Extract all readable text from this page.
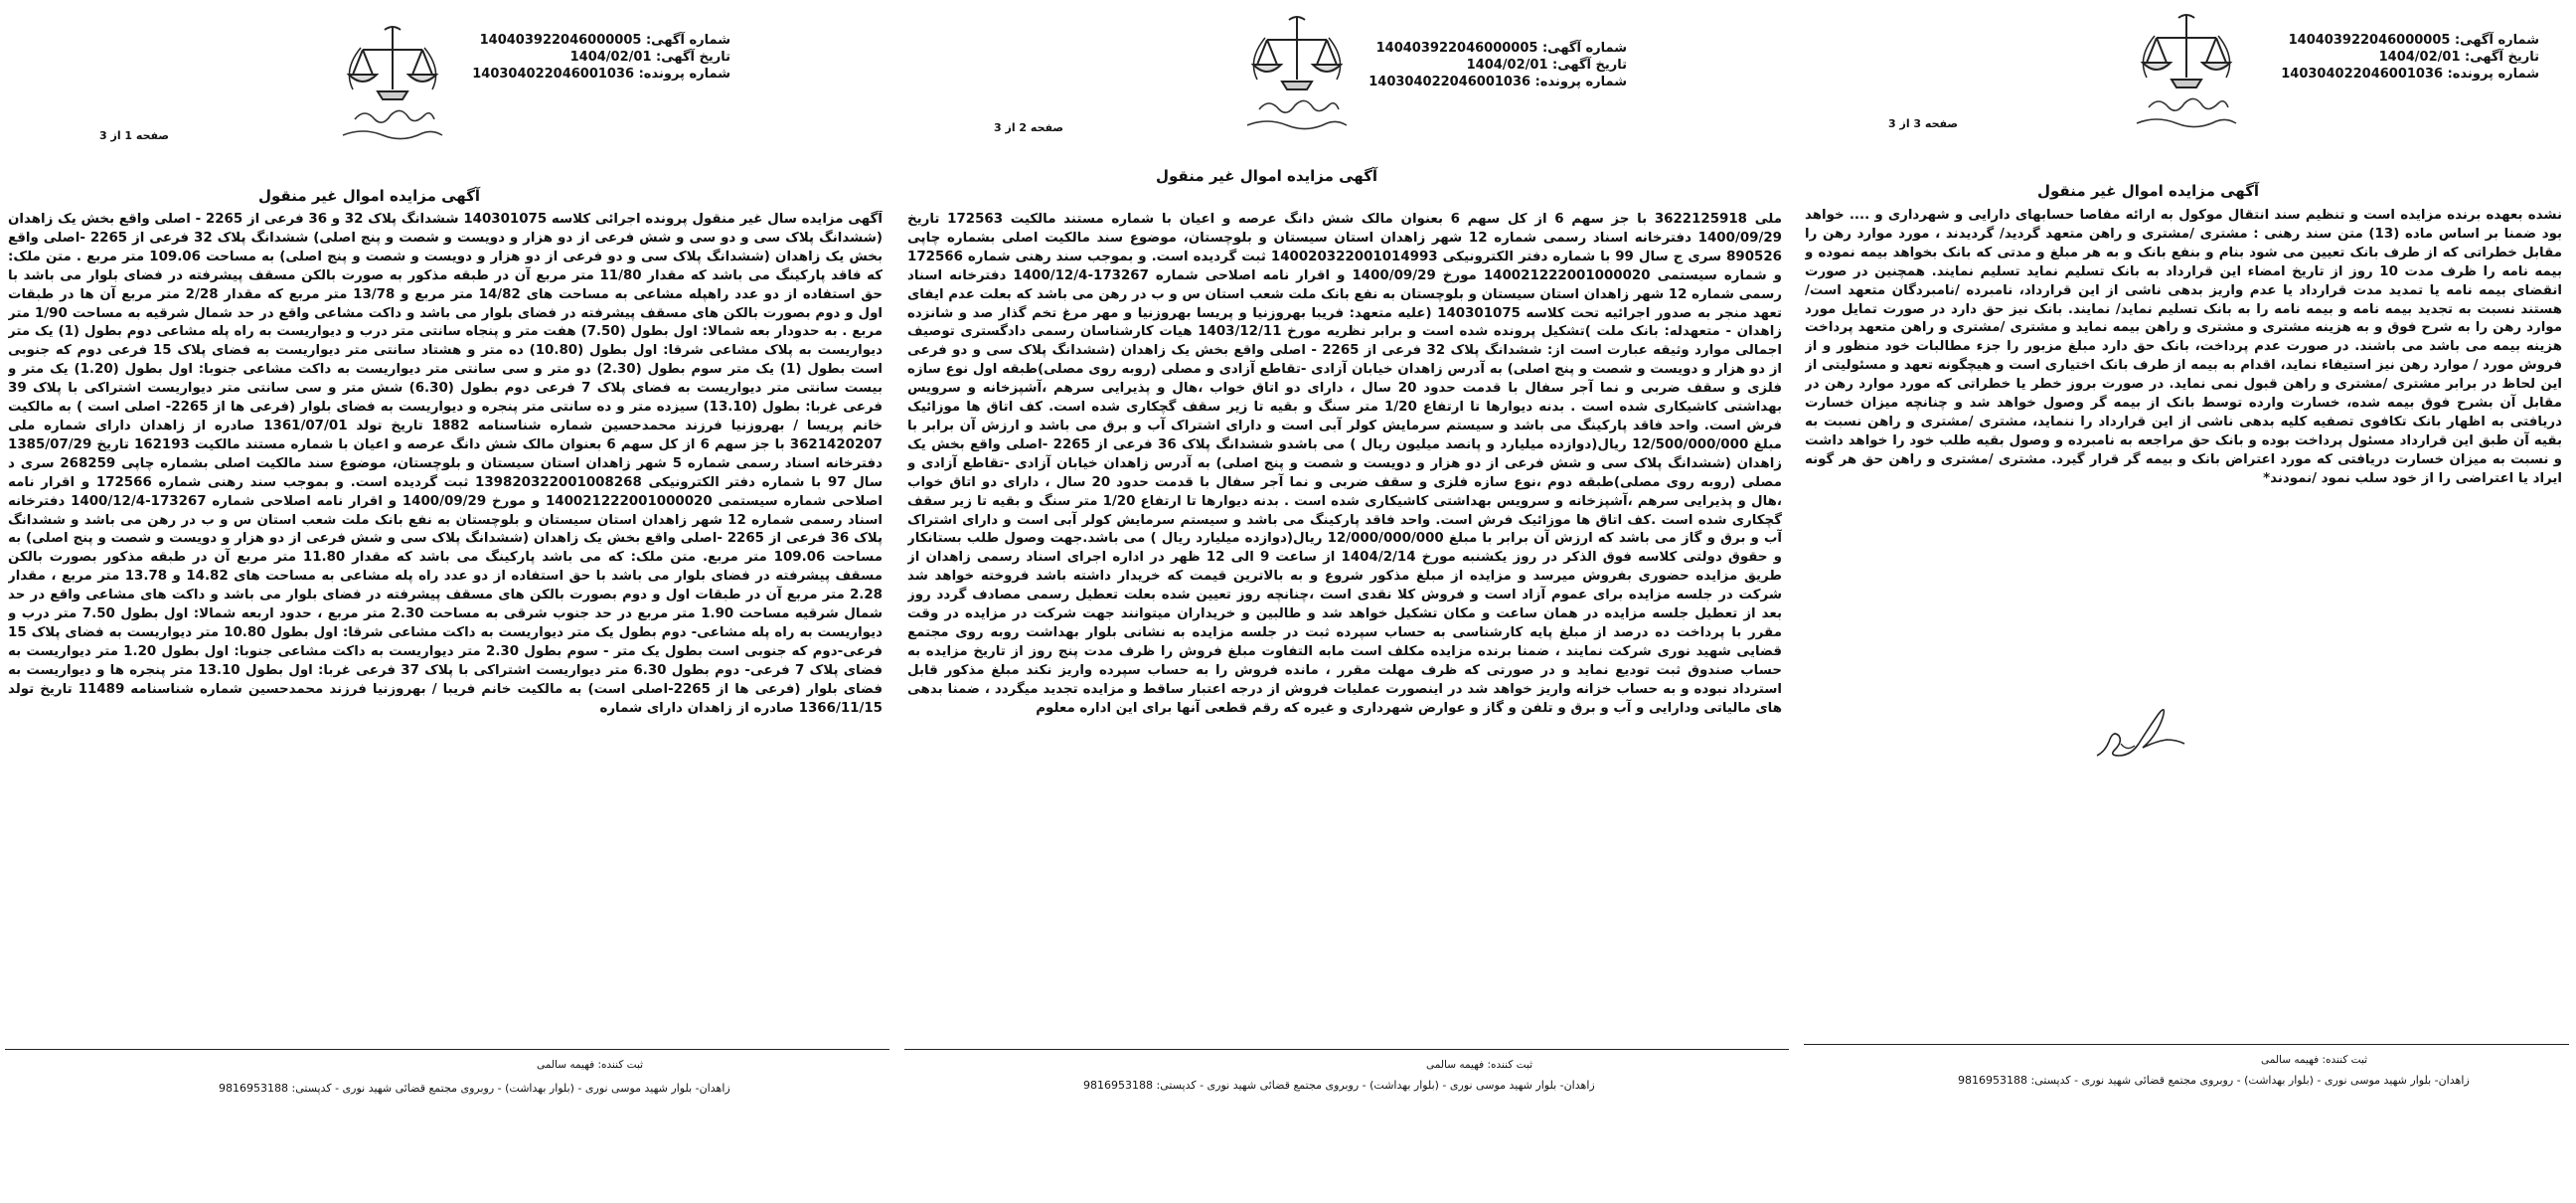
شماره آگهی: 140403922046000005
تاریخ آگهی: 1404/02/01
شماره پرونده: 140304022046001036
صفحه 1 از 3
آگهی مزایده اموال غیر منقول
آگهی مزایده سال غیر منقول پرونده اجرائی کلاسه 140301075 ششدانگ پلاک 32 و 36 فرعی از 2265 - اصلی واقع بخش یک زاهدان (ششدانگ پلاک سی و دو سی و شش فرعی از دو هزار و دویست و شصت و پنج اصلی) ششدانگ پلاک 32 فرعی از 2265 -اصلی واقع بخش یک زاهدان (ششدانگ پلاک سی و دو فرعی از دو هزار و دویست و شصت و پنج اصلی) به مساحت 109.06 متر مربع . متن ملک: که فاقد پارکینگ می باشد که مقدار 11/80 متر مربع آن در طبقه مذکور به صورت بالکن مسقف پیشرفته در فضای بلوار می باشد با حق استفاده از دو عدد راهپله مشاعی به مساحت های 14/82 متر مربع و 13/78 متر مربع که مقدار 2/28 متر مربع آن ها در طبقات اول و دوم بصورت بالکن های مسقف پیشرفته در فضای بلوار می باشد و داکت مشاعی واقع در حد شمال شرقیه به مساحت 1/90 متر مربع . به حدودار بعه شمالا: اول بطول (7.50) هفت متر و پنجاه سانتی متر درب و دیواریست به راه پله مشاعی دوم بطول (1) یک متر دیواریست به پلاک مشاعی شرقا: اول بطول (10.80) ده متر و هشتاد سانتی متر دیواریست به فضای پلاک 15 فرعی دوم که جنوبی است بطول (1) یک متر سوم بطول (2.30) دو متر و سی سانتی متر دیواریست به داکت مشاعی جنوبا: اول بطول (1.20) یک متر و بیست سانتی متر دیواریست به فضای پلاک 7 فرعی دوم بطول (6.30) شش متر و سی سانتی متر دیواریست اشتراکی با پلاک 39 فرعی غربا: بطول (13.10) سیزده متر و ده سانتی متر پنجره و دیواریست به فضای بلوار (فرعی ها از 2265- اصلی است ) به مالکیت خانم پریسا / بهروزنیا فرزند محمدحسین شماره شناسنامه 1882 تاریخ تولد 1361/07/01 صادره از زاهدان دارای شماره ملی 3621420207 با جز سهم 6 از کل سهم 6 بعنوان مالک شش دانگ عرصه و اعیان با شماره مستند مالکیت 162193 تاریخ 1385/07/29 دفترخانه اسناد رسمی شماره 5 شهر زاهدان استان سیستان و بلوچستان، موضوع سند مالکیت اصلی بشماره چاپی 268259 سری د سال 97 با شماره دفتر الکترونیکی 139820322001008268 ثبت گردیده است. و بموجب سند رهنی شماره 172566 و اقرار نامه اصلاحی شماره سیستمی 140021222001000020 و مورخ 1400/09/29 و اقرار نامه اصلاحی شماره 173267-1400/12/4 دفترخانه اسناد رسمی شماره 12 شهر زاهدان استان سیستان و بلوچستان به نفع بانک ملت شعب استان س و ب در رهن می باشد و ششدانگ پلاک 36 فرعی از 2265 -اصلی واقع بخش یک زاهدان (ششدانگ پلاک سی و شش فرعی از دو هزار و دویست و شصت و پنج اصلی) به مساحت 109.06 متر مربع. متن ملک: که می باشد پارکینگ می باشد که مقدار 11.80 متر مربع آن در طبقه مذکور بصورت بالکن مسقف پیشرفته در فضای بلوار می باشد با حق استفاده از دو عدد راه پله مشاعی به مساحت های 14.82 و 13.78 متر مربع ، مقدار 2.28 متر مربع آن در طبقات اول و دوم بصورت بالکن های مسقف پیشرفته در فضای بلوار می باشد و داکت های مشاعی واقع در حد شمال شرقیه مساحت 1.90 متر مربع در حد جنوب شرقی به مساحت 2.30 متر مربع ، حدود اربعه شمالا: اول بطول 7.50 متر درب و دیواریست به راه پله مشاعی- دوم بطول یک متر دیواریست به داکت مشاعی شرقا: اول بطول 10.80 متر دیواریست به فضای پلاک 15 فرعی-دوم که جنوبی است بطول یک متر - سوم بطول 2.30 متر دیواریست به داکت مشاعی جنوبا: اول بطول 1.20 متر دیواریست به فضای پلاک 7 فرعی- دوم بطول 6.30 متر دیواریست اشتراکی با پلاک 37 فرعی غربا: اول بطول 13.10 متر پنجره ها و دیواریست به فضای بلوار (فرعی ها از 2265-اصلی است) به مالکیت خانم فریبا / بهروزنیا فرزند محمدحسین شماره شناسنامه 11489 تاریخ تولد 1366/11/15 صادره از زاهدان دارای شماره
ثبت کننده: فهیمه سالمی
زاهدان- بلوار شهید موسی نوری - (بلوار بهداشت) - روبروی مجتمع قضائی شهید نوری - کدپستی: 9816953188
شماره آگهی: 140403922046000005
تاریخ آگهی: 1404/02/01
شماره پرونده: 140304022046001036
صفحه 2 از 3
آگهی مزایده اموال غیر منقول
ملی 3622125918 با جز سهم 6 از کل سهم 6 بعنوان مالک شش دانگ عرصه و اعیان با شماره مستند مالکیت 172563 تاریخ 1400/09/29 دفترخانه اسناد رسمی شماره 12 شهر زاهدان استان سیستان و بلوچستان، موضوع سند مالکیت اصلی بشماره چاپی 890526 سری ج سال 99 با شماره دفتر الکترونیکی 140020322001014993 ثبت گردیده است. و بموجب سند رهنی شماره 172566 و شماره سیستمی 140021222001000020 مورخ 1400/09/29 و اقرار نامه اصلاحی شماره 173267-1400/12/4 دفترخانه اسناد رسمی شماره 12 شهر زاهدان استان سیستان و بلوچستان به نفع بانک ملت شعب استان س و ب در رهن می باشد که بعلت عدم ایفای تعهد منجر به صدور اجرائیه تحت کلاسه 140301075 (علیه متعهد: فریبا بهروزنیا و پریسا بهروزنیا و مهر مرغ تخم گذار صد و شانزده زاهدان - متعهدله: بانک ملت )تشکیل پرونده شده است و برابر نظریه مورخ 1403/12/11 هیات کارشناسان رسمی دادگستری توصیف اجمالی موارد وثیقه عبارت است از: ششدانگ پلاک 32 فرعی از 2265 - اصلی واقع بخش یک زاهدان (ششدانگ پلاک سی و دو فرعی از دو هزار و دویست و شصت و پنج اصلی) به آدرس زاهدان خیابان آزادی -تقاطع آزادی و مصلی (روبه روی مصلی)طبقه اول نوع سازه فلزی و سقف ضربی و نما آجر سفال با قدمت حدود 20 سال ، دارای دو اتاق خواب ،هال و پذیرایی سرهم ،آشپزخانه و سرویس بهداشتی کاشیکاری شده است . بدنه دیوارها تا ارتفاع 1/20 متر سنگ و بقیه تا زیر سقف گچکاری شده است. کف اتاق ها موزائیک فرش است. واحد فاقد پارکینگ می باشد و سیستم سرمایش کولر آبی است و دارای اشتراک آب و برق می باشد و ارزش آن برابر با مبلغ 12/500/000/000 ریال(دوازده میلیارد و پانصد میلیون ریال ) می باشدو ششدانگ پلاک 36 فرعی از 2265 -اصلی واقع بخش یک زاهدان (ششدانگ پلاک سی و شش فرعی از دو هزار و دویست و شصت و پنج اصلی) به آدرس زاهدان خیابان آزادی -تقاطع آزادی و مصلی (روبه روی مصلی)طبقه دوم ،نوع سازه فلزی و سقف ضربی و نما آجر سفال با قدمت حدود 20 سال ، دارای دو اتاق خواب ،هال و پذیرایی سرهم ،آشپزخانه و سرویس بهداشتی کاشیکاری شده است . بدنه دیوارها تا ارتفاع 1/20 متر سنگ و بقیه تا زیر سقف گچکاری شده است .کف اتاق ها موزائیک فرش است. واحد فاقد پارکینگ می باشد و سیستم سرمایش کولر آبی است و دارای اشتراک آب و برق و گاز می باشد که ارزش آن برابر با مبلغ 12/000/000/000 ریال(دوازده میلیارد ریال ) می باشد.جهت وصول طلب بستانکار و حقوق دولتی کلاسه فوق الذکر در روز یکشنبه مورخ 1404/2/14 از ساعت 9 الی 12 ظهر در اداره اجرای اسناد رسمی زاهدان از طریق مزایده حضوری بفروش میرسد و مزایده از مبلغ مذکور شروع و به بالاترین قیمت که خریدار داشته باشد فروخته خواهد شد شرکت در جلسه مزایده برای عموم آزاد است و فروش کلا نقدی است ،چنانچه روز تعیین شده بعلت تعطیل رسمی مصادف گردد روز بعد از تعطیل جلسه مزایده در همان ساعت و مکان تشکیل خواهد شد و طالبین و خریداران میتوانند جهت شرکت در مزایده در وقت مقرر با پرداخت ده درصد از مبلغ پایه کارشناسی به حساب سپرده ثبت در جلسه مزایده به نشانی بلوار بهداشت روبه روی مجتمع قضایی شهید نوری شرکت نمایند ، ضمنا برنده مزایده مکلف است مابه التفاوت مبلغ فروش را ظرف مدت پنج روز از تاریخ مزایده به حساب صندوق ثبت تودیع نماید و در صورتی که ظرف مهلت مقرر ، مانده فروش را به حساب سپرده واریز نکند مبلغ مذکور قابل استرداد نبوده و به حساب خزانه واریز خواهد شد در اینصورت عملیات فروش از درجه اعتبار ساقط و مزایده تجدید میگردد ، ضمنا بدهی های مالیاتی ودارایی و آب و برق و تلفن و گاز و عوارض شهرداری و غیره که رقم قطعی آنها برای این اداره معلوم
ثبت کننده: فهیمه سالمی
زاهدان- بلوار شهید موسی نوری - (بلوار بهداشت) - روبروی مجتمع قضائی شهید نوری - کدپستی: 9816953188
شماره آگهی: 140403922046000005
تاریخ آگهی: 1404/02/01
شماره پرونده: 140304022046001036
صفحه 3 از 3
آگهی مزایده اموال غیر منقول
نشده بعهده برنده مزایده است و تنظیم سند انتقال موکول به ارائه مفاصا حسابهای دارایی و شهرداری و .... خواهد بود ضمنا بر اساس ماده (13) متن سند رهنی : مشتری /مشتری و راهن متعهد گردید/ گردیدند ، مورد موارد رهن را مقابل خطراتی که از طرف بانک تعیین می شود بنام و بنفع بانک و به هر مبلغ و مدتی که بانک بخواهد بیمه نموده و بیمه نامه را ظرف مدت 10 روز از تاریخ امضاء این قرارداد به بانک تسلیم نماید تسلیم نمایند. همچنین در صورت انقضای بیمه نامه یا تمدید مدت قرارداد یا عدم واریز بدهی ناشی از این قرارداد، نامبرده /نامبردگان متعهد است/ هستند نسبت به تجدید بیمه نامه و بیمه نامه را به بانک تسلیم نماید/ نمایند. بانک نیز حق دارد در صورت تمایل مورد موارد رهن را به شرح فوق و به هزینه مشتری و مشتری و راهن بیمه نماید و مشتری /مشتری و راهن متعهد پرداخت هزینه بیمه می باشد می باشند. در صورت عدم پرداخت، بانک حق دارد مبلغ مزبور را جزء مطالبات خود منظور و از فروش مورد / موارد رهن نیز استیفاء نماید، اقدام به بیمه از طرف بانک اختیاری است و هیچگونه تعهد و مسئولیتی از این لحاظ در برابر مشتری /مشتری و راهن قبول نمی نماید. در صورت بروز خطر یا خطراتی که مورد موارد رهن در مقابل آن بشرح فوق بیمه شده، خسارت وارده توسط بانک از بیمه گر وصول خواهد شد و چنانچه میزان خسارت دریافتی به اظهار بانک تکافوی تصفیه کلیه بدهی ناشی از این قرارداد را ننماید، مشتری /مشتری و راهن نسبت به بقیه آن طبق این قرارداد مسئول پرداخت بوده و بانک حق مراجعه به نامبرده و وصول بقیه طلب خود را خواهد داشت و نسبت به میزان خسارت دریافتی که مورد اعتراض بانک و بیمه گر قرار گیرد. مشتری /مشتری و راهن حق هر گونه ایراد یا اعتراضی را از خود سلب نمود /نمودند*
ثبت کننده: فهیمه سالمی
زاهدان- بلوار شهید موسی نوری - (بلوار بهداشت) - روبروی مجتمع قضائی شهید نوری - کدپستی: 9816953188
